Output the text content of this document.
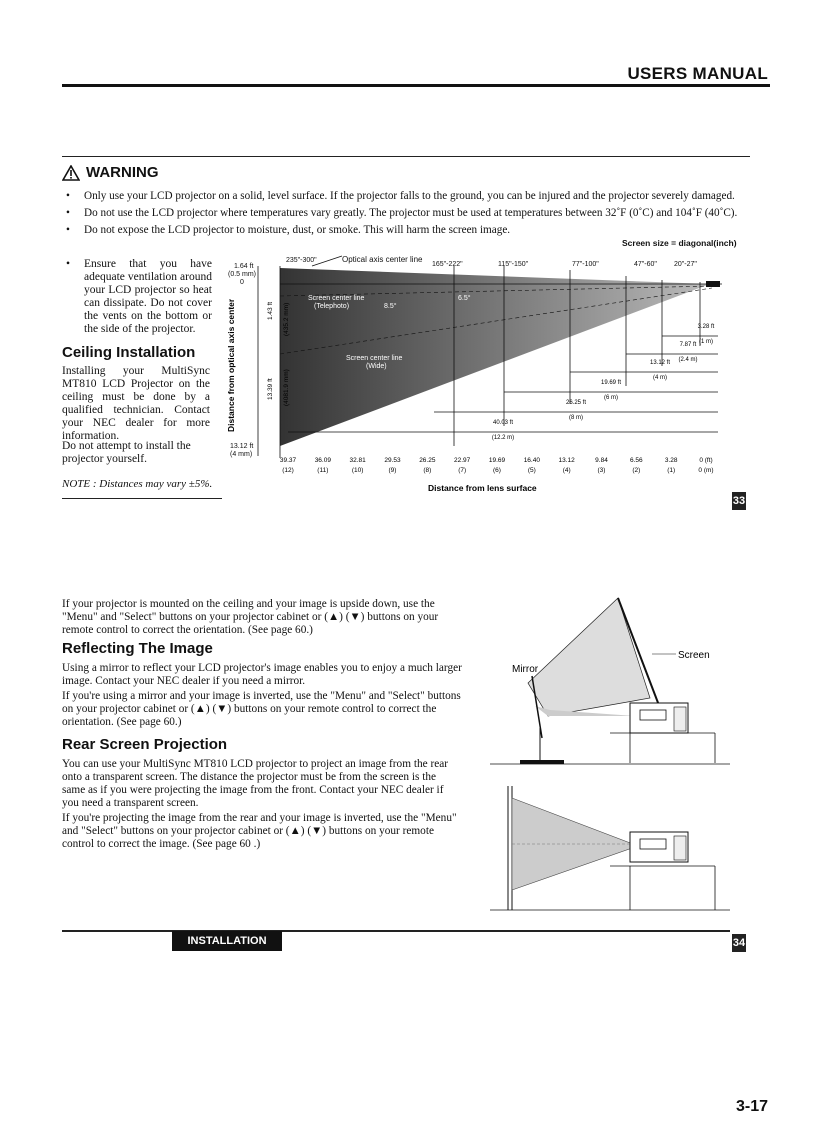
USERS MANUAL
WARNING
• Only use your LCD projector on a solid, level surface. If the projector falls to the ground, you can be injured and the projector severely damaged.
• Do not use the LCD projector where temperatures vary greatly. The projector must be used at temperatures between 32˚F (0˚C) and 104˚F (40˚C).
• Do not expose the LCD projector to moisture, dust, or smoke. This will harm the screen image.
•	Ensure that you have adequate ventilation around your LCD projector so heat can dissipate. Do not cover the vents on the bottom or the side of the projector.

Ceiling Installation

Installing your MultiSync MT810 LCD Projector on the ceiling must be done by a qualified technician. Contact your NEC dealer for more information.

Do not attempt to install the projector yourself.

NOTE : Distances may vary ±5%.

Optical axis center line
Screen size = diagonal(inch)
235"-300"
165"-222"	115"-150"	77"-100"	47"-60" 20"-27"
1.64 ft
(0.5 mm)
0
13.12 ft
(4 mm)
Screen center line
(Telephoto)	8.5°
6.5°
Screen center line
(Wide)
Distance from optical axis center	1.43 ft (435.2 mm)
13.39 ft (4081.9 mm)
3.28 ft
(1 m)
7.87 ft
(2.4 m)
13.12 ft
(4 m)
19.69 ft
(6 m)
26.25 ft
(8 m)
40.03 ft
(12.2 m)
39.37
(12)
36.09
(11)
32.81
(10)
29.53
(9)
26.25
(8)
22.97
(7)
19.69
(6)
16.40
(5)
13.12
(4)
9.84
(3)
6.56
(2)
3.28
(1)
0 (ft)
0 (m)
Distance from lens surface
33

If your projector is mounted on the ceiling and your image is upside down, use the "Menu" and "Select" buttons on your projector cabinet or (▲) (▼) buttons on your remote control to correct the orientation. (See page 60.)

Reflecting The Image

Using a mirror to reflect your LCD projector's image enables you to enjoy a much larger image. Contact your NEC dealer if you need a mirror.

If you're using a mirror and your image is inverted, use the "Menu" and "Select" buttons on your projector cabinet or (▲) (▼) buttons on your remote control to correct the orientation. (See page 60.)

Rear Screen Projection

You can use your MultiSync MT810 LCD projector to project an image from the rear onto a transparent screen. The distance the projector must be from the screen is the same as if you were projecting the image from the front. Contact your NEC dealer if you need a transparent screen.

If you're projecting the image from the rear and your image is inverted, use the "Menu" and "Select" buttons on your projector cabinet or (▲) (▼) buttons on your remote control to correct the image. (See page 60 .)

Mirror
Screen
INSTALLATION	34
3-17
